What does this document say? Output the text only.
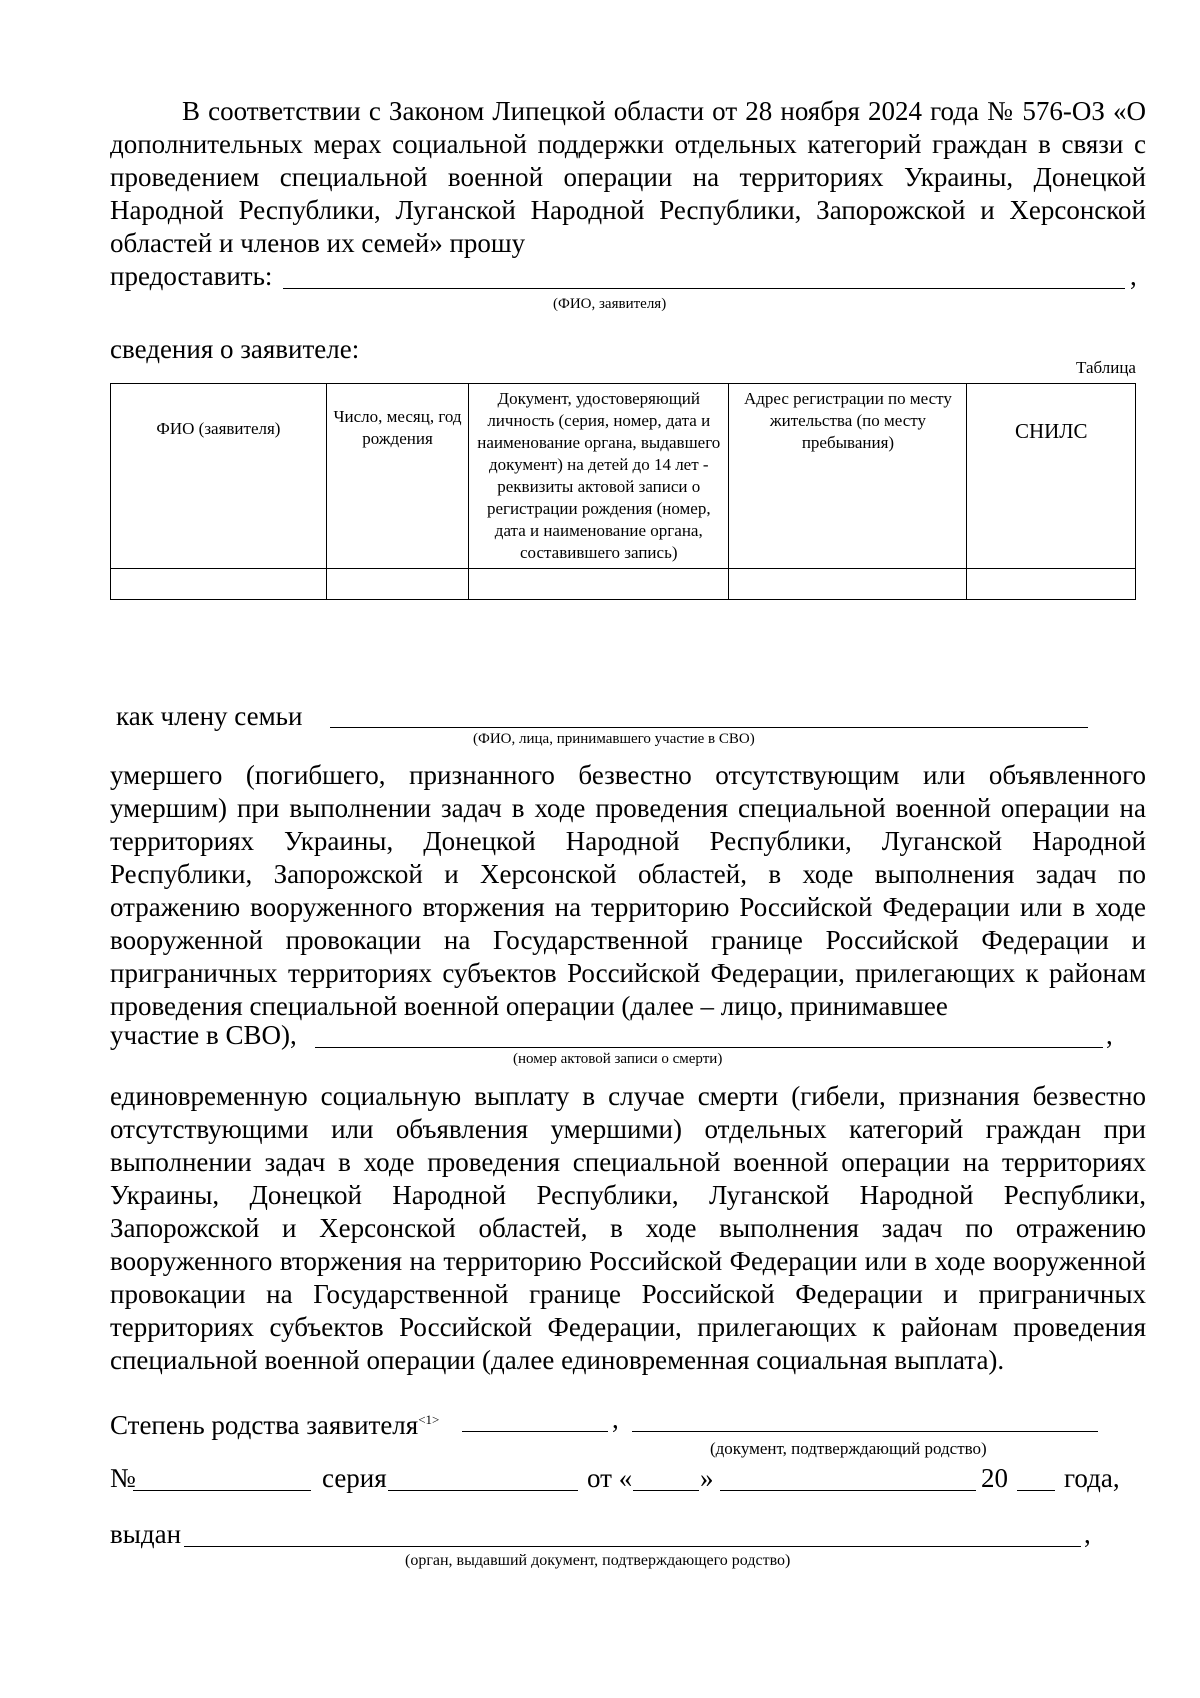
В соответствии с Законом Липецкой области от 28 ноября 2024 года № 576-ОЗ «О дополнительных мерах социальной поддержки отдельных категорий граждан в связи с проведением специальной военной операции на территориях Украины, Донецкой Народной Республики, Луганской Народной Республики, Запорожской и Херсонской областей и членов их семей» прошу
предоставить:	,
(ФИО, заявителя)
сведения о заявителе:
Таблица
ФИО (заявителя)	Число, месяц, год рождения	Документ, удостоверяющий личность (серия, номер, дата и наименование органа, выдавшего документ) на детей до 14 лет - реквизиты актовой записи о регистрации рождения (номер, дата и наименование органа, составившего запись)	Адрес регистрации по месту жительства (по месту пребывания)	СНИЛС

как члену семьи
(ФИО, лица, принимавшего участие в СВО)
умершего (погибшего, признанного безвестно отсутствующим или объявленного умершим) при выполнении задач в ходе проведения специальной военной операции на территориях Украины, Донецкой Народной Республики, Луганской Народной Республики, Запорожской и Херсонской областей, в ходе выполнения задач по отражению вооруженного вторжения на территорию Российской Федерации или в ходе вооруженной провокации на Государственной границе Российской Федерации и приграничных территориях субъектов Российской Федерации, прилегающих к районам проведения специальной военной операции (далее – лицо, принимавшее
участие в СВО),	,
(номер актовой записи о смерти)
единовременную социальную выплату в случае смерти (гибели, признания безвестно отсутствующими или объявления умершими) отдельных категорий граждан при выполнении задач в ходе проведения специальной военной операции на территориях Украины, Донецкой Народной Республики, Луганской Народной Республики, Запорожской и Херсонской областей, в ходе выполнения задач по отражению вооруженного вторжения на территорию Российской Федерации или в ходе вооруженной провокации на Государственной границе Российской Федерации и приграничных территориях субъектов Российской Федерации, прилегающих к районам проведения специальной военной операции (далее единовременная социальная выплата).
Степень родства заявителя$^{<1>}$	,
(документ, подтверждающий родство)
№	серия	от «	»	20 года,
выдан	,
(орган, выдавший документ, подтверждающего родство)
